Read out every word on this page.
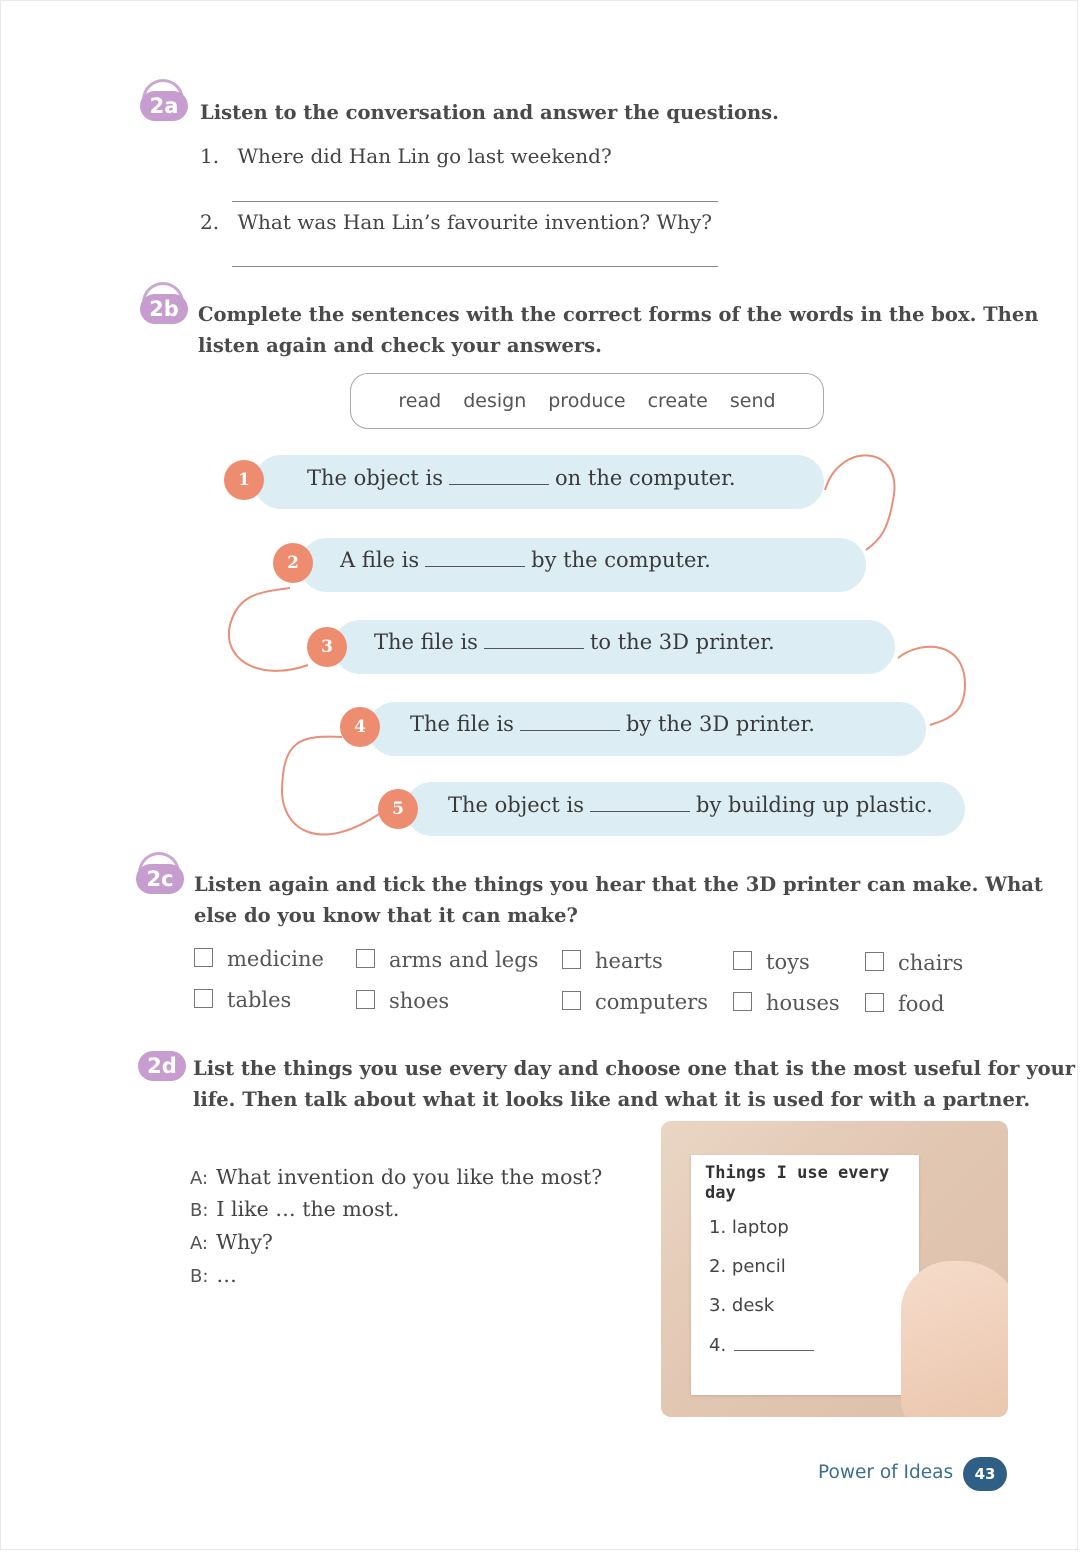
2a	Listen to the conversation and answer the questions.
1. Where did Han Lin go last weekend?
2. What was Han Lin’s favourite invention? Why?
2b Complete the sentences with the correct forms of the words in the box. Then
listen again and check your answers.
read design produce create send
1	The object is	on the computer.
2	A file is	by the computer.
3	The file is	to the 3D printer.
4	The file is	by the 3D printer.
5	The object is	by building up plastic.
2c	Listen again and tick the things you hear that the 3D printer can make. What
else do you know that it can make?
medicine	arms and legs	hearts	toys	chairs
tables	shoes	computers	houses	food
2d List the things you use every day and choose one that is the most useful for your
life. Then talk about what it looks like and what it is used for with a partner.
A: What invention do you like the most?
B: I like … the most.
A: Why?
B: …
Things I use every day
1. laptop
2. pencil
3. desk
4.
Power of Ideas	43
